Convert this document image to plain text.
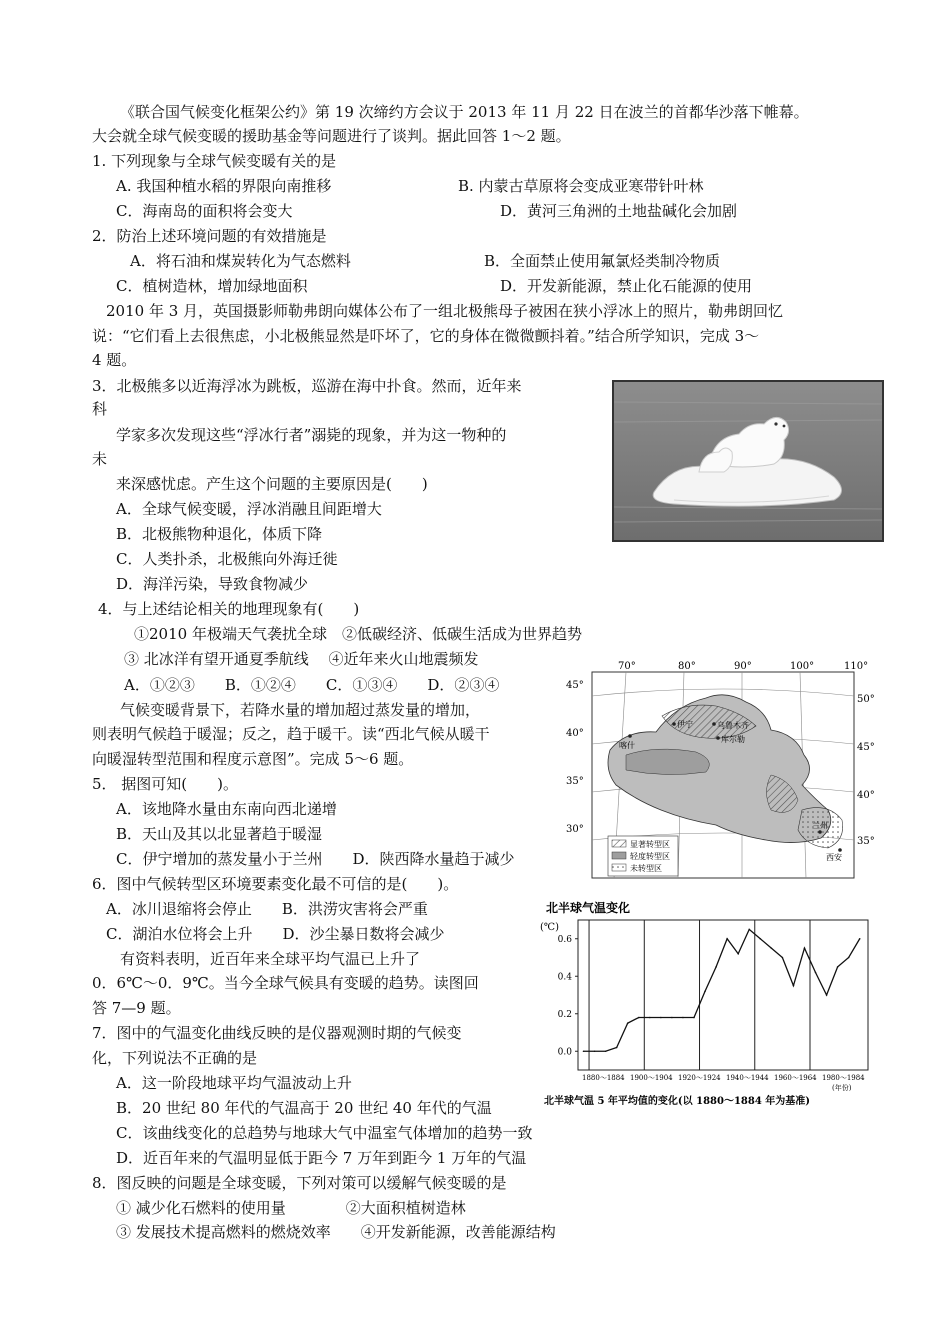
《联合国气候变化框架公约》第 19 次缔约方会议于 2013 年 11 月 22 日在波兰的首都华沙落下帷幕。
大会就全球气候变暖的援助基金等问题进行了谈判。据此回答 1～2 题。
1. 下列现象与全球气候变暖有关的是
A. 我国种植水稻的界限向南推移	B. 内蒙古草原将会变成亚寒带针叶林
C．海南岛的面积将会变大	D．黄河三角洲的土地盐碱化会加剧
2．防治上述环境问题的有效措施是
A．将石油和煤炭转化为气态燃料	B．全面禁止使用氟氯烃类制冷物质
C．植树造林，增加绿地面积	D．开发新能源，禁止化石能源的使用
2010 年 3 月，英国摄影师勒弗朗向媒体公布了一组北极熊母子被困在狭小浮冰上的照片，勒弗朗回忆
说：“它们看上去很焦虑，小北极熊显然是吓坏了，它的身体在微微颤抖着。”结合所学知识，完成 3～
4 题。
3．北极熊多以近海浮冰为跳板，巡游在海中扑食。然而，近年来
科
学家多次发现这些“浮冰行者”溺毙的现象，并为这一物种的
未
来深感忧虑。产生这个问题的主要原因是(　　)
A．全球气候变暖，浮冰消融且间距增大
B．北极熊物种退化，体质下降
C．人类扑杀，北极熊向外海迁徙
D．海洋污染，导致食物减少
4．与上述结论相关的地理现象有(　　)
①2010 年极端天气袭扰全球　②低碳经济、低碳生活成为世界趋势
③ 北冰洋有望开通夏季航线　 ④近年来火山地震频发
A．①②③　　B．①②④　　C．①③④　　D．②③④
气候变暖背景下，若降水量的增加超过蒸发量的增加，
则表明气候趋于暖湿；反之，趋于暖干。读“西北气候从暖干
向暖湿转型范围和程度示意图”。完成 5～6 题。
5． 据图可知(　　)。
A．该地降水量由东南向西北递增
B．天山及其以北显著趋于暖湿
C．伊宁增加的蒸发量小于兰州　　D．陕西降水量趋于减少
6．图中气候转型区环境要素变化最不可信的是(　　)。
A．冰川退缩将会停止　　B．洪涝灾害将会严重
C．湖泊水位将会上升　　D．沙尘暴日数将会减少
有资料表明，近百年来全球平均气温已上升了
0．6℃～0．9℃。当今全球气候具有变暖的趋势。读图回
答 7—9 题。
7．图中的气温变化曲线反映的是仪器观测时期的气候变
化，下列说法不正确的是
A．这一阶段地球平均气温波动上升
B．20 世纪 80 年代的气温高于 20 世纪 40 年代的气温
C．该曲线变化的总趋势与地球大气中温室气体增加的趋势一致
D．近百年来的气温明显低于距今 7 万年到距今 1 万年的气温
8．图反映的问题是全球变暖，下列对策可以缓解气候变暖的是
① 减少化石燃料的使用量　　　　②大面积植树造林
③ 发展技术提高燃料的燃烧效率　　④开发新能源，改善能源结构
显著转型区
轻度转型区
未转型区
伊宁
喀什
乌鲁木齐
库尔勒
兰州
西安
70°	80°	90°	100°	110°
45°
40°
35°
30°
50°
45°
40°
35°
北半球气温变化
(℃)
(年份)
北半球气温 5 年平均值的变化(以 1880～1884 年为基准)
0.0
0.2
0.4
0.6
1880～1884 1900～1904 1920～1924 1940～1944 1960～1964 1980～1984
